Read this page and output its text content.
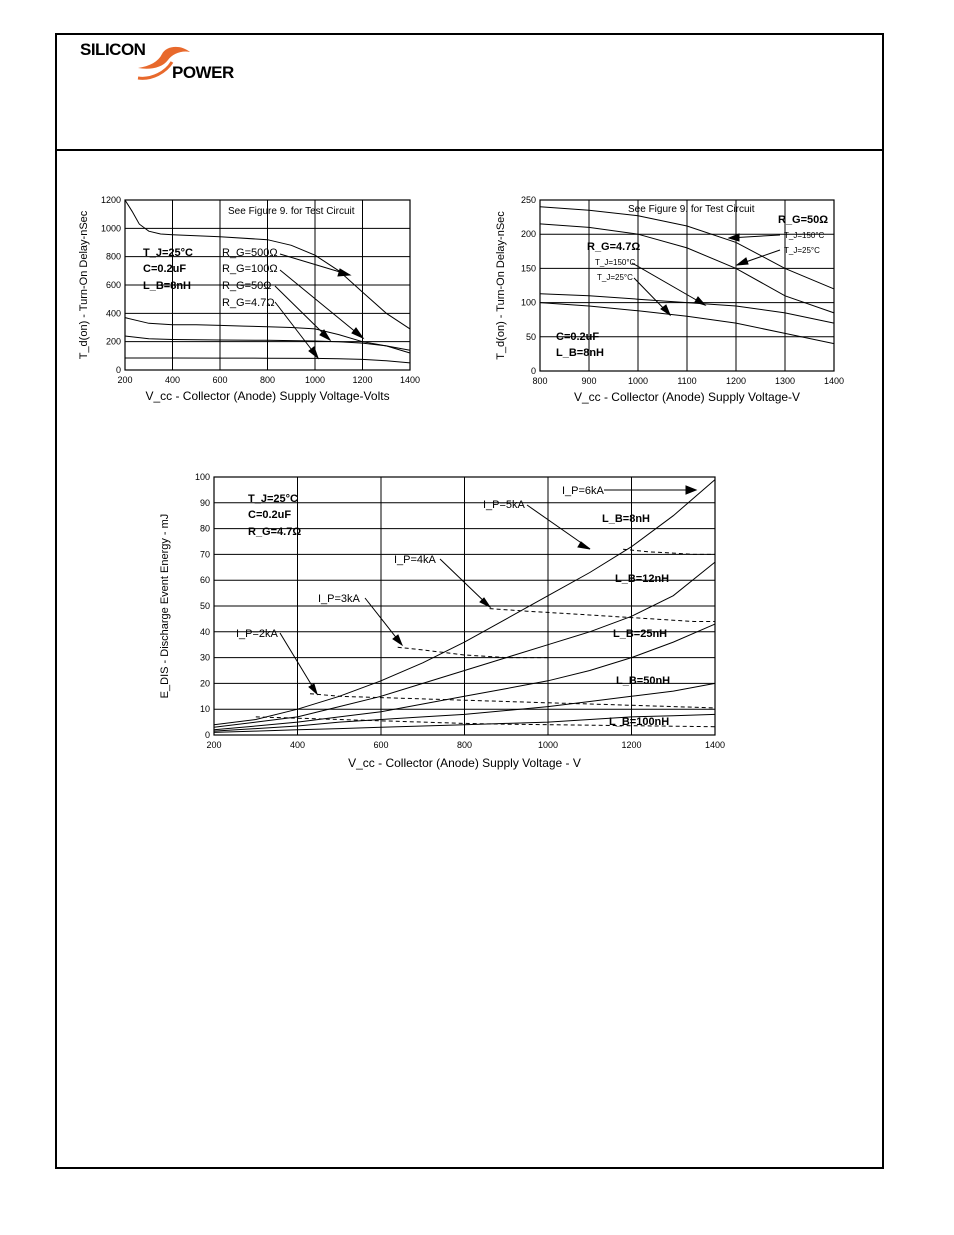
SILICON
POWER
200	400	600	800	1000	1200	1400
0
200
400
600
800
1000
1200
See Figure 9. for Test Circuit
T_J=25°C
C=0.2uF
L_B=8nH
R_G=500Ω
R_G=100Ω
R_G=50Ω
R_G=4.7Ω
V_cc - Collector (Anode) Supply Voltage-Volts
T_d(on) - Turn-On Delay-nSec
800	900	1000	1100	1200	1300	1400
0
50
100
150
200
250
See Figure 9. for Test Circuit
R_G=50Ω
T_J=150°C
T_J=25°C
R_G=4.7Ω
T_J=150°C
T_J=25°C
C=0.2uF
L_B=8nH
V_cc - Collector (Anode) Supply Voltage-V
T_d(on) - Turn-On Delay-nSec
200	400	600	800	1000	1200	1400
0
10
20
30
40
50
60
70
80
90
100
T_J=25°C
C=0.2uF
R_G=4.7Ω
I_P=6kA
I_P=5kA
I_P=4kA
I_P=3kA
I_P=2kA
L_B=8nH
L_B=12nH
L_B=25nH
L_B=50nH
L_B=100nH
V_cc - Collector (Anode) Supply Voltage - V
E_DIS - Discharge Event Energy - mJ
